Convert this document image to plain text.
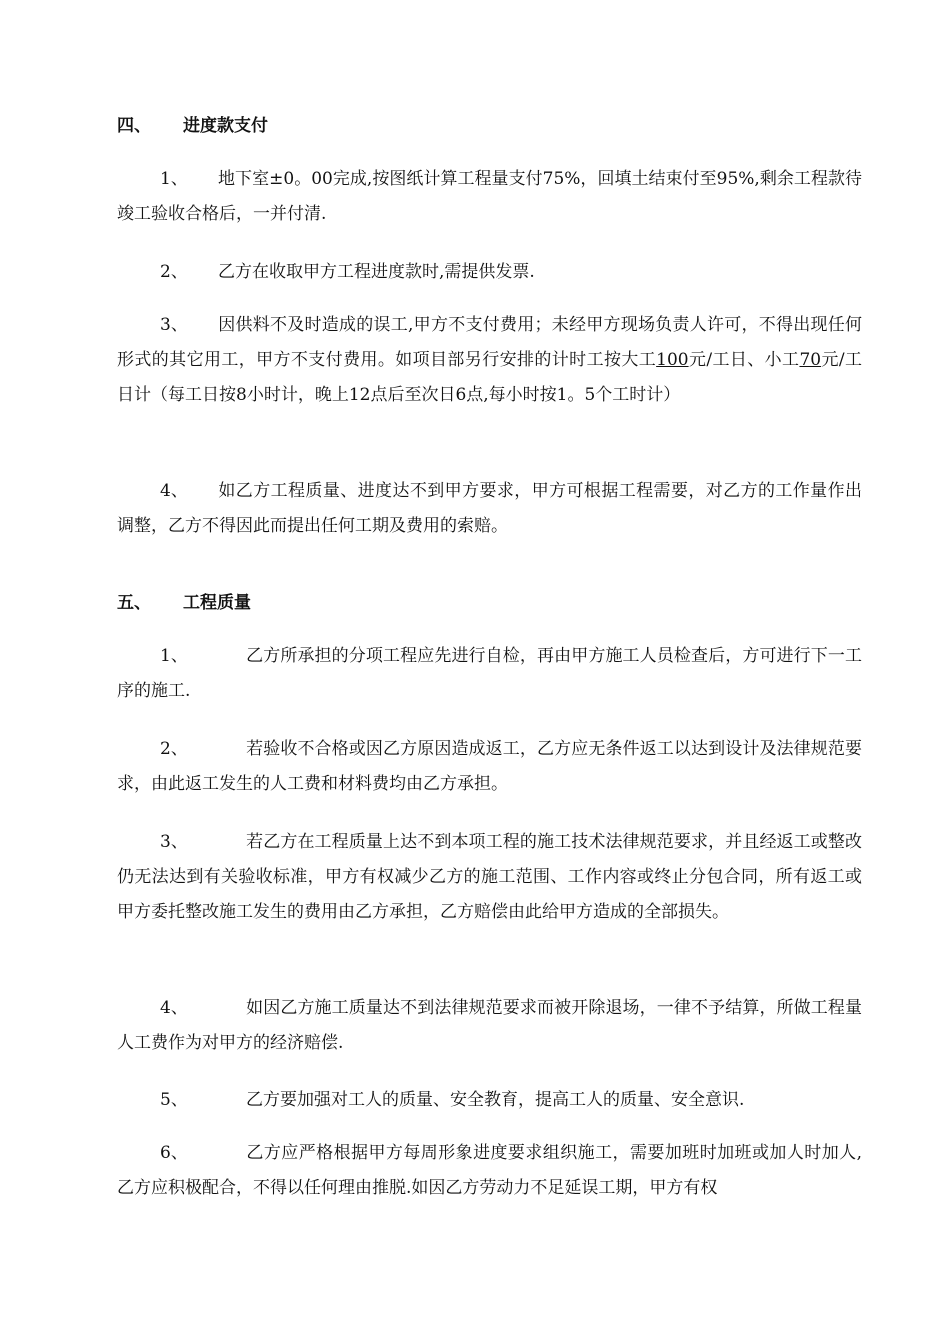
四、 进度款支付
1、 地下室±0。00完成,按图纸计算工程量支付75%，回填土结束付至95%,剩余工程款待竣工验收合格后，一并付清.
2、 乙方在收取甲方工程进度款时,需提供发票.
3、 因供料不及时造成的误工,甲方不支付费用；未经甲方现场负责人许可，不得出现任何形式的其它用工，甲方不支付费用。如项目部另行安排的计时工按大工100元/工日、小工70元/工日计（每工日按8小时计，晚上12点后至次日6点,每小时按1。5个工时计）
4、 如乙方工程质量、进度达不到甲方要求，甲方可根据工程需要，对乙方的工作量作出调整，乙方不得因此而提出任何工期及费用的索赔。
五、 工程质量
1、	乙方所承担的分项工程应先进行自检，再由甲方施工人员检查后，方可进行下一工序的施工.
2、	若验收不合格或因乙方原因造成返工，乙方应无条件返工以达到设计及法律规范要求，由此返工发生的人工费和材料费均由乙方承担。
3、	若乙方在工程质量上达不到本项工程的施工技术法律规范要求，并且经返工或整改仍无法达到有关验收标准，甲方有权减少乙方的施工范围、工作内容或终止分包合同，所有返工或甲方委托整改施工发生的费用由乙方承担，乙方赔偿由此给甲方造成的全部损失。
4、	如因乙方施工质量达不到法律规范要求而被开除退场，一律不予结算，所做工程量人工费作为对甲方的经济赔偿.
5、	乙方要加强对工人的质量、安全教育，提高工人的质量、安全意识.
6、	乙方应严格根据甲方每周形象进度要求组织施工，需要加班时加班或加人时加人,乙方应积极配合，不得以任何理由推脱.如因乙方劳动力不足延误工期，甲方有权
